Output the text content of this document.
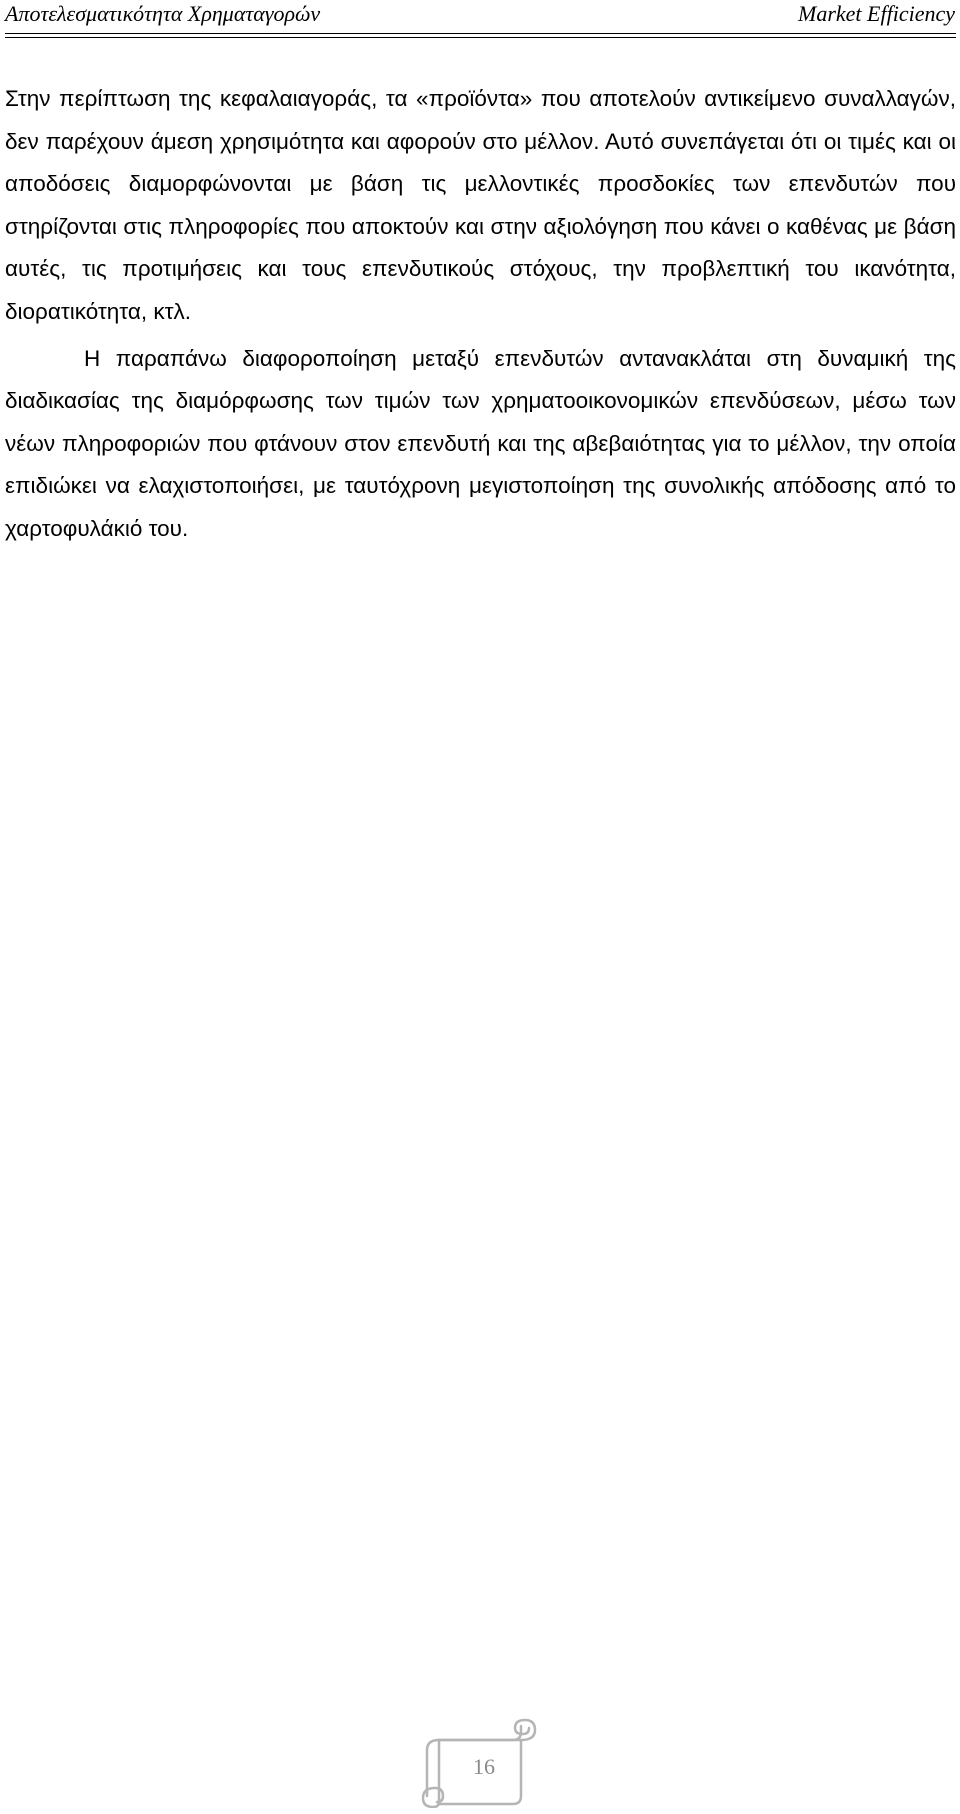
Αποτελεσματικότητα Χρηματαγορών	Market Efficiency

Στην περίπτωση της κεφαλαιαγοράς, τα «προϊόντα» που αποτελούν αντικείμενο συναλλαγών, δεν παρέχουν άμεση χρησιμότητα και αφορούν στο μέλλον. Αυτό συνεπάγεται ότι οι τιμές και οι αποδόσεις διαμορφώνονται με βάση τις μελλοντικές προσδοκίες των επενδυτών που στηρίζονται στις πληροφορίες που αποκτούν και στην αξιολόγηση που κάνει ο καθένας με βάση αυτές, τις προτιμήσεις και τους επενδυτικούς στόχους, την προβλεπτική του ικανότητα, διορατικότητα, κτλ.

Η παραπάνω διαφοροποίηση μεταξύ επενδυτών αντανακλάται στη δυναμική της διαδικασίας της διαμόρφωσης των τιμών των χρηματοοικονομικών επενδύσεων, μέσω των νέων πληροφοριών που φτάνουν στον επενδυτή και της αβεβαιότητας για το μέλλον, την οποία επιδιώκει να ελαχιστοποιήσει, με ταυτόχρονη μεγιστοποίηση της συνολικής απόδοσης από το χαρτοφυλάκιό του.

16
